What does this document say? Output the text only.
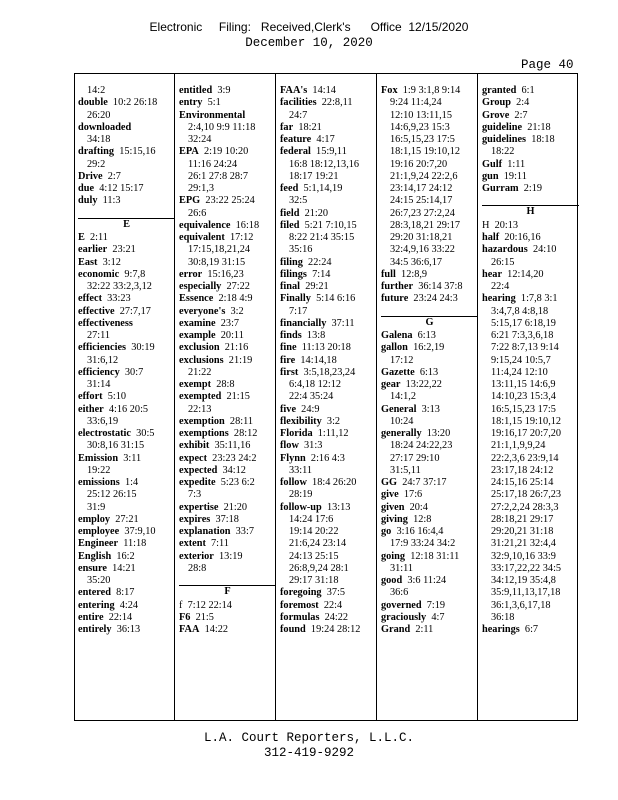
Electronic     Filing:   Received,Clerk's      Office  12/15/2020
December 10, 2020
Page 40
14:2
double 10:2 26:18
26:20
downloaded
34:18
drafting 15:15,16
29:2
Drive 2:7
due 4:12 15:17
duly 11:3
E
E 2:11
earlier 23:21
East 3:12
economic 9:7,8
32:22 33:2,3,12
effect 33:23
effective 27:7,17
effectiveness
27:11
efficiencies 30:19
31:6,12
efficiency 30:7
31:14
effort 5:10
either 4:16 20:5
33:6,19
electrostatic 30:5
30:8,16 31:15
Emission 3:11
19:22
emissions 1:4
25:12 26:15
31:9
employ 27:21
employee 37:9,10
Engineer 11:18
English 16:2
ensure 14:21
35:20
entered 8:17
entering 4:24
entire 22:14
entirely 36:13
entitled 3:9
entry 5:1
Environmental
2:4,10 9:9 11:18
32:24
EPA 2:19 10:20
11:16 24:24
26:1 27:8 28:7
29:1,3
EPG 23:22 25:24
26:6
equivalence 16:18
equivalent 17:12
17:15,18,21,24
30:8,19 31:15
error 15:16,23
especially 27:22
Essence 2:18 4:9
everyone's 3:2
examine 23:7
example 20:11
exclusion 21:16
exclusions 21:19
21:22
exempt 28:8
exempted 21:15
22:13
exemption 28:11
exemptions 28:12
exhibit 35:11,16
expect 23:23 24:2
expected 34:12
expedite 5:23 6:2
7:3
expertise 21:20
expires 37:18
explanation 33:7
extent 7:11
exterior 13:19
28:8
F
f 7:12 22:14
F6 21:5
FAA 14:22
FAA's 14:14
facilities 22:8,11
24:7
far 18:21
feature 4:17
federal 15:9,11
16:8 18:12,13,16
18:17 19:21
feed 5:1,14,19
32:5
field 21:20
filed 5:21 7:10,15
8:22 21:4 35:15
35:16
filing 22:24
filings 7:14
final 29:21
Finally 5:14 6:16
7:17
financially 37:11
finds 13:8
fine 11:13 20:18
fire 14:14,18
first 3:5,18,23,24
6:4,18 12:12
22:4 35:24
five 24:9
flexibility 3:2
Florida 1:11,12
flow 31:3
Flynn 2:16 4:3
33:11
follow 18:4 26:20
28:19
follow-up 13:13
14:24 17:6
19:14 20:22
21:6,24 23:14
24:13 25:15
26:8,9,24 28:1
29:17 31:18
foregoing 37:5
foremost 22:4
formulas 24:22
found 19:24 28:12
Fox 1:9 3:1,8 9:14
9:24 11:4,24
12:10 13:11,15
14:6,9,23 15:3
16:5,15,23 17:5
18:1,15 19:10,12
19:16 20:7,20
21:1,9,24 22:2,6
23:14,17 24:12
24:15 25:14,17
26:7,23 27:2,24
28:3,18,21 29:17
29:20 31:18,21
32:4,9,16 33:22
34:5 36:6,17
full 12:8,9
further 36:14 37:8
future 23:24 24:3
G
Galena 6:13
gallon 16:2,19
17:12
Gazette 6:13
gear 13:22,22
14:1,2
General 3:13
10:24
generally 13:20
18:24 24:22,23
27:17 29:10
31:5,11
GG 24:7 37:17
give 17:6
given 20:4
giving 12:8
go 3:16 16:4,4
17:9 33:24 34:2
going 12:18 31:11
31:11
good 3:6 11:24
36:6
governed 7:19
graciously 4:7
Grand 2:11
granted 6:1
Group 2:4
Grove 2:7
guideline 21:18
guidelines 18:18
18:22
Gulf 1:11
gun 19:11
Gurram 2:19
H
H 20:13
half 20:16,16
hazardous 24:10
26:15
hear 12:14,20
22:4
hearing 1:7,8 3:1
3:4,7,8 4:8,18
5:15,17 6:18,19
6:21 7:3,3,6,18
7:22 8:7,13 9:14
9:15,24 10:5,7
11:4,24 12:10
13:11,15 14:6,9
14:10,23 15:3,4
16:5,15,23 17:5
18:1,15 19:10,12
19:16,17 20:7,20
21:1,1,9,9,24
22:2,3,6 23:9,14
23:17,18 24:12
24:15,16 25:14
25:17,18 26:7,23
27:2,2,24 28:3,3
28:18,21 29:17
29:20,21 31:18
31:21,21 32:4,4
32:9,10,16 33:9
33:17,22,22 34:5
34:12,19 35:4,8
35:9,11,13,17,18
36:1,3,6,17,18
36:18
hearings 6:7
L.A. Court Reporters, L.L.C.
312-419-9292
